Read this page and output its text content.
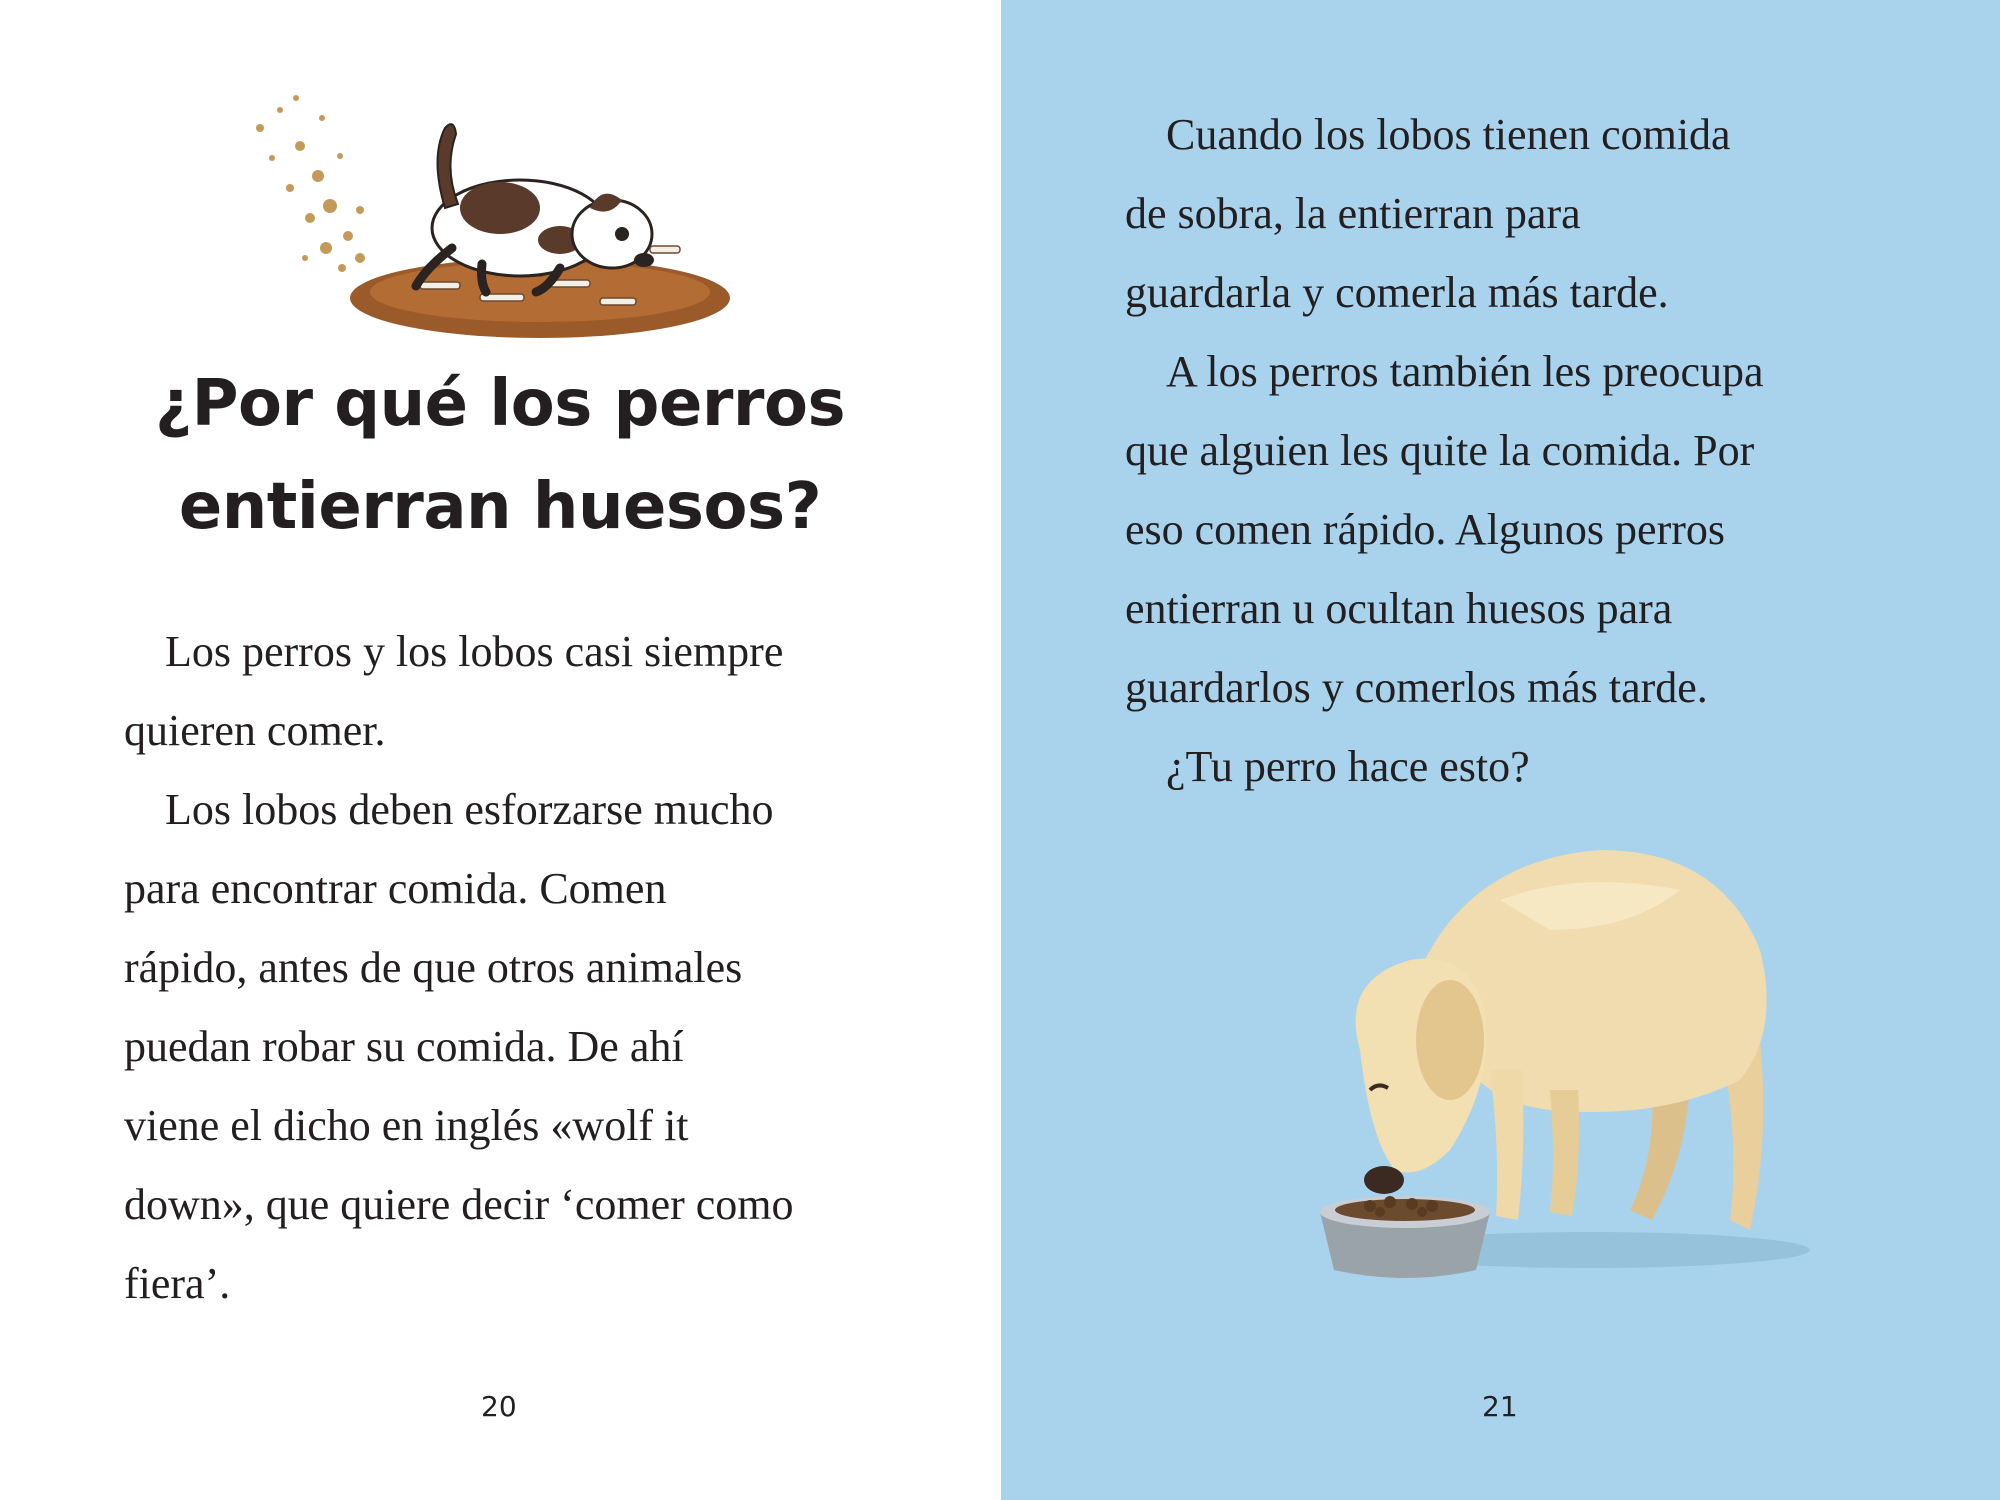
¿Por qué los perros
entierran huesos?
Los perros y los lobos casi siempre
quieren comer.
Los lobos deben esforzarse mucho
para encontrar comida. Comen
rápido, antes de que otros animales
puedan robar su comida. De ahí
viene el dicho en inglés «wolf it
down», que quiere decir ‘comer como
fiera’.
20
Cuando los lobos tienen comida
de sobra, la entierran para
guardarla y comerla más tarde.
A los perros también les preocupa
que alguien les quite la comida. Por
eso comen rápido. Algunos perros
entierran u ocultan huesos para
guardarlos y comerlos más tarde.
¿Tu perro hace esto?
21
